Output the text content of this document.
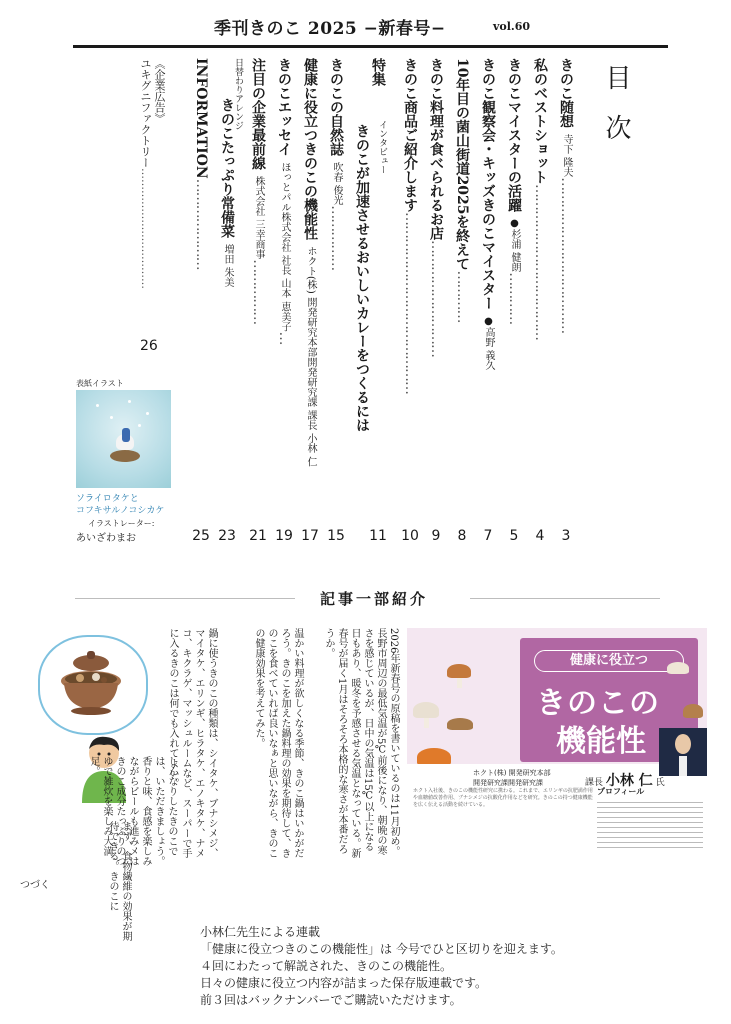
季刊きのこ 2025 −新春号−	vol.60
目次
きのこ随想寺下 隆夫………………………………
3
私のベストショット………………………………
4
きのこマイスターの活躍●杉浦 健朗…………
5
きのこ観察会・キッズきのこマイスター●高野 義久
7
10年目の菌山街道2025を終えて…………
8
きのこ料理が食べられるお店………………………
9
きのこ商品ご紹介します……………………………………
10
特集
11
インタビュー
きのこが加速させるおいしいカレーをつくるには
きのこの自然誌吹春 俊光……………
15
健康に役立つきのこの機能性ホクト(株) 開発研究本部開発研究課 課長 小林 仁
17
きのこエッセイほっとパル株式会社 社長 山本 恵美子…
19
注目の企業最前線株式会社 三幸商事……………
21
日替わりアレンジ
きのこたっぷり常備菜増田 朱美
23
INFORMATION…………………
25
《企業広告》
ユキグニファクトリー……………………………
26
表紙イラスト
ソライロタケと
コフキサルノコシカケ
イラストレーター:
あいざわまお
記事一部紹介
まず、食物繊維の効果が期待できる。きのこに
2026年新春号の原稿を書いているのは11月初め。長野市周辺の最低気温が5℃前後になり、朝晩の寒さを感じているが、日中の気温は15℃以上になる日もあり、暖冬を予感させる気温となっている。新春号が届く1月はそろそろ本格的な寒さが本番だろうか。
温かい料理が欲しくなる季節、きのこ鍋はいかがだろう。きのこを加えた鍋料理の効果を期待して、きのこを食べていれば良いなぁと思いながら、きのこの健康効果を考えてみた。
鍋に使うきのこの種類は、シイタケ、ブナシメジ、マイタケ、エリンギ、ヒラタケ、エノキタケ、ナメコ、キクラゲ、マッシュルームなど、スーパーで手に入るきのこは何でも入れてよい。
香りと味、食感を楽しみながらビールも進みメはきのこ成分たっぷりのつゆで雑炊を楽しみ大満足。	しんなりしたきのこでは、いただきましょう。
健康に役立つ
きのこの
機能性
ホクト(株) 開発研究本部
開発研究課開発研究課	課長 小林 仁 氏
ホクト入社後、きのこの機能性研究に携わる。これまで、エリンギの抗肥満作用や血糖値改善作用、ブナシメジの抗酸化作用などを研究。きのこの持つ健康機能を広く伝える活動を続けている。
プロフィール
つづく
小林仁先生による連載
「健康に役立つきのこの機能性」は 今号でひと区切りを迎えます。
４回にわたって解説された、きのこの機能性。
日々の健康に役立つ内容が詰まった保存版連載です。
前３回はバックナンバーでご購読いただけます。
